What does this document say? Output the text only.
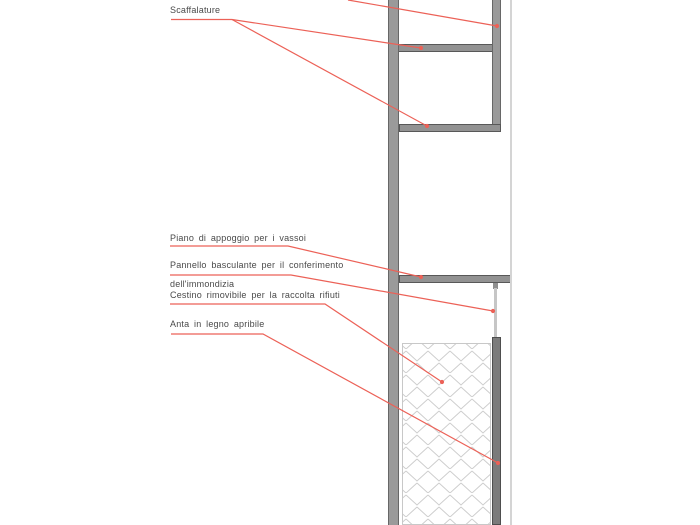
Scaffalature
Piano di appoggio per i vassoi
Pannello basculante per il conferimento
dell'immondizia
Cestino rimovibile per la raccolta rifiuti
Anta in legno apribile
